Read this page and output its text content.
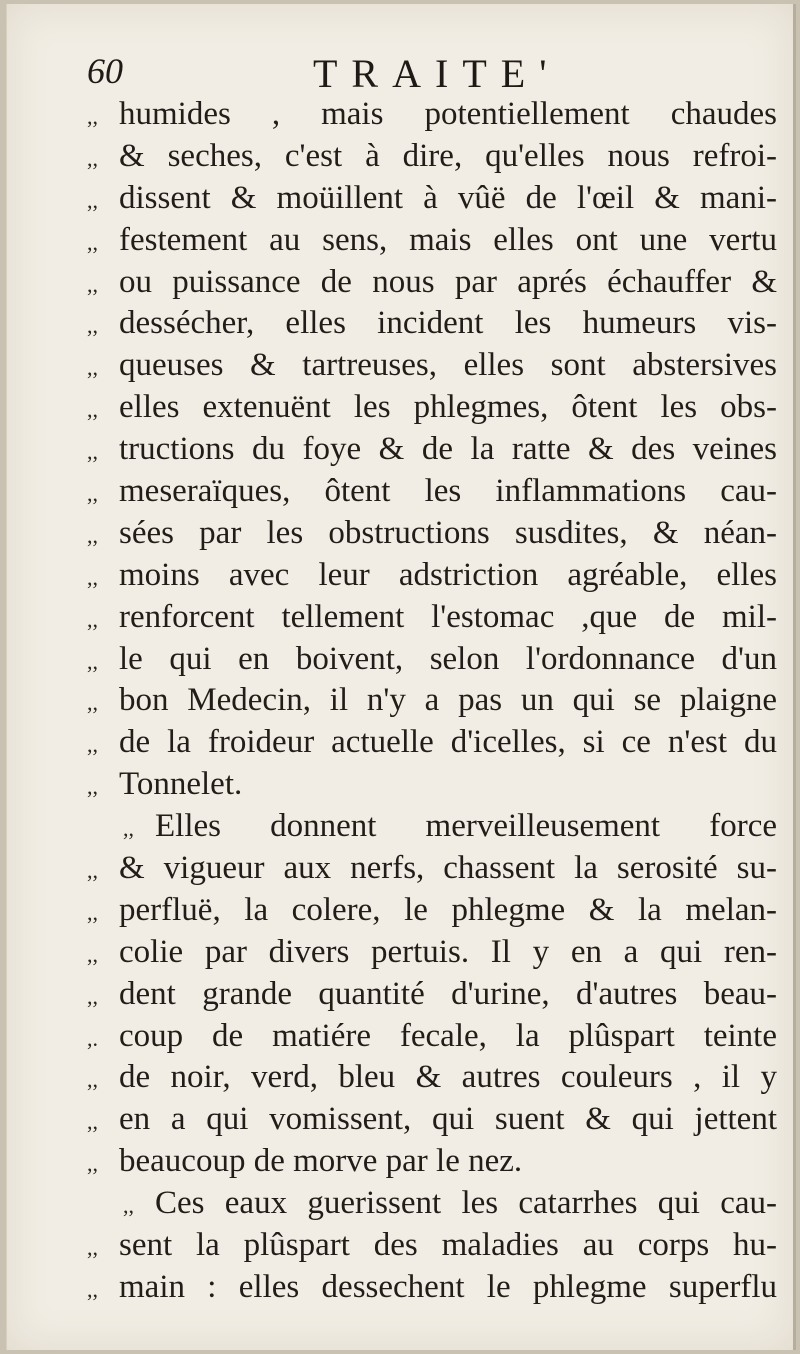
60	TRAITE'
,, humides , mais potentiellement chaudes
,, & seches, c'est à dire, qu'elles nous refroi-
,, dissent & moüillent à vûë de l'œil & mani-
,, festement au sens, mais elles ont une vertu
,, ou puissance de nous par aprés échauffer &
,, dessécher, elles incident les humeurs vis-
,, queuses & tartreuses, elles sont abstersives
,, elles extenuënt les phlegmes, ôtent les obs-
,, tructions du foye & de la ratte & des veines
,, meseraïques, ôtent les inflammations cau-
,, sées par les obstructions susdites, & néan-
,, moins avec leur adstriction agréable, elles
,, renforcent tellement l'estomac ,que de mil-
,, le qui en boivent, selon l'ordonnance d'un
,, bon Medecin, il n'y a pas un qui se plaigne
,, de la froideur actuelle d'icelles, si ce n'est du
,, Tonnelet.
,, Elles donnent merveilleusement force
,, & vigueur aux nerfs, chassent la serosité su-
,, perfluë, la colere, le phlegme & la melan-
,, colie par divers pertuis. Il y en a qui ren-
,, dent grande quantité d'urine, d'autres beau-
,. coup de matiére fecale, la plûspart teinte
,, de noir, verd, bleu & autres couleurs , il y
,, en a qui vomissent, qui suent & qui jettent
,, beaucoup de morve par le nez.
,, Ces eaux guerissent les catarrhes qui cau-
,, sent la plûspart des maladies au corps hu-
,, main : elles dessechent le phlegme superflu
